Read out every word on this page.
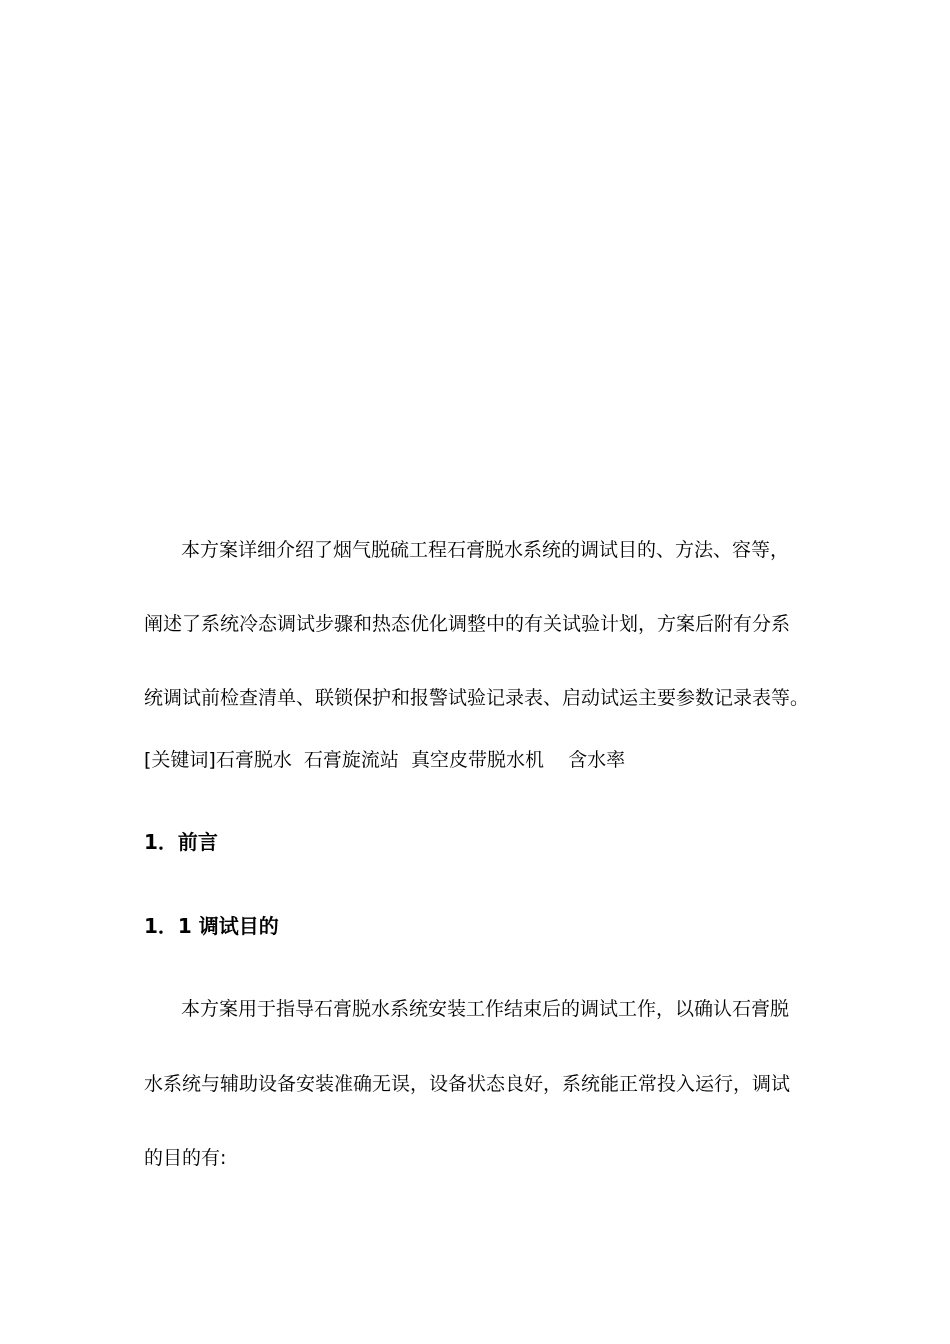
本方案详细介绍了烟气脱硫工程石膏脱水系统的调试目的、方法、容等，
阐述了系统冷态调试步骤和热态优化调整中的有关试验计划，方案后附有分系
统调试前检查清单、联锁保护和报警试验记录表、启动试运主要参数记录表等。
[关键词]石膏脱水  石膏旋流站  真空皮带脱水机    含水率
1．前言
1．1 调试目的
本方案用于指导石膏脱水系统安装工作结束后的调试工作，以确认石膏脱
水系统与辅助设备安装准确无误，设备状态良好，系统能正常投入运行，调试
的目的有:
